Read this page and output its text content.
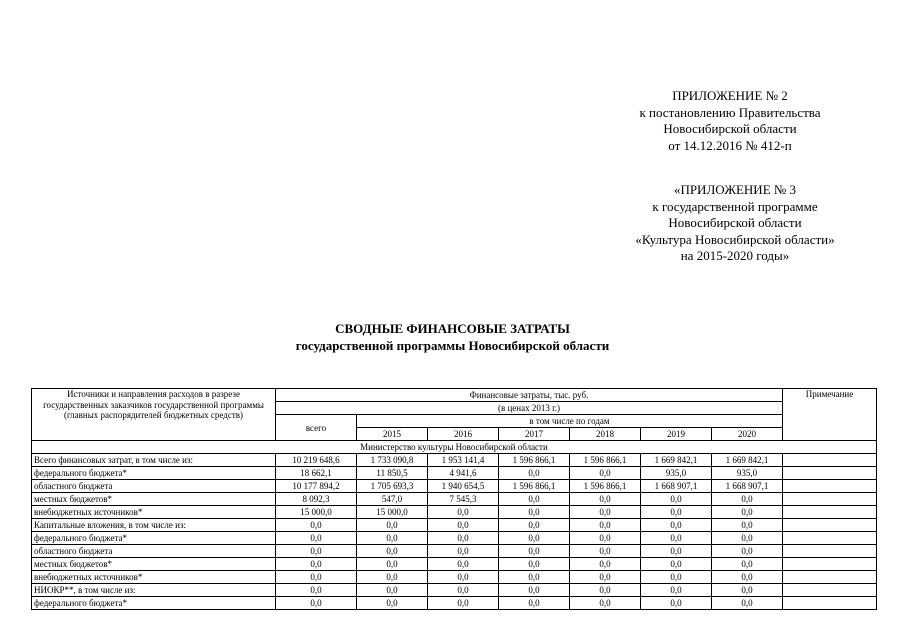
ПРИЛОЖЕНИЕ № 2
к постановлению Правительства
Новосибирской области
от 14.12.2016 № 412-п
«ПРИЛОЖЕНИЕ № 3
к государственной программе
Новосибирской области
«Культура Новосибирской области»
на 2015-2020 годы»
СВОДНЫЕ ФИНАНСОВЫЕ ЗАТРАТЫ
государственной программы Новосибирской области
Источники и направления расходов в разрезе государственных заказчиков государственной программы (главных распорядителей бюджетных средств)	Финансовые затраты, тыс. руб.							Примечание
	(в ценах 2013 г.)							
	всего	в том числе по годам						
		2015	2016	2017	2018	2019	2020	
Министерство культуры Новосибирской области								
Всего финансовых затрат, в том числе из:	10 219 648,6	1 733 090,8	1 953 141,4	1 596 866,1	1 596 866,1	1 669 842,1	1 669 842,1	
федерального бюджета*	18 662,1	11 850,5	4 941,6	0,0	0,0	935,0	935,0	
областного бюджета	10 177 894,2	1 705 693,3	1 940 654,5	1 596 866,1	1 596 866,1	1 668 907,1	1 668 907,1	
местных бюджетов*	8 092,3	547,0	7 545,3	0,0	0,0	0,0	0,0	
внебюджетных источников*	15 000,0	15 000,0	0,0	0,0	0,0	0,0	0,0	
Капитальные вложения, в том числе из:	0,0	0,0	0,0	0,0	0,0	0,0	0,0	
федерального бюджета*	0,0	0,0	0,0	0,0	0,0	0,0	0,0	
областного бюджета	0,0	0,0	0,0	0,0	0,0	0,0	0,0	
местных бюджетов*	0,0	0,0	0,0	0,0	0,0	0,0	0,0	
внебюджетных источников*	0,0	0,0	0,0	0,0	0,0	0,0	0,0	
НИОКР**, в том числе из:	0,0	0,0	0,0	0,0	0,0	0,0	0,0	
федерального бюджета*	0,0	0,0	0,0	0,0	0,0	0,0	0,0	
